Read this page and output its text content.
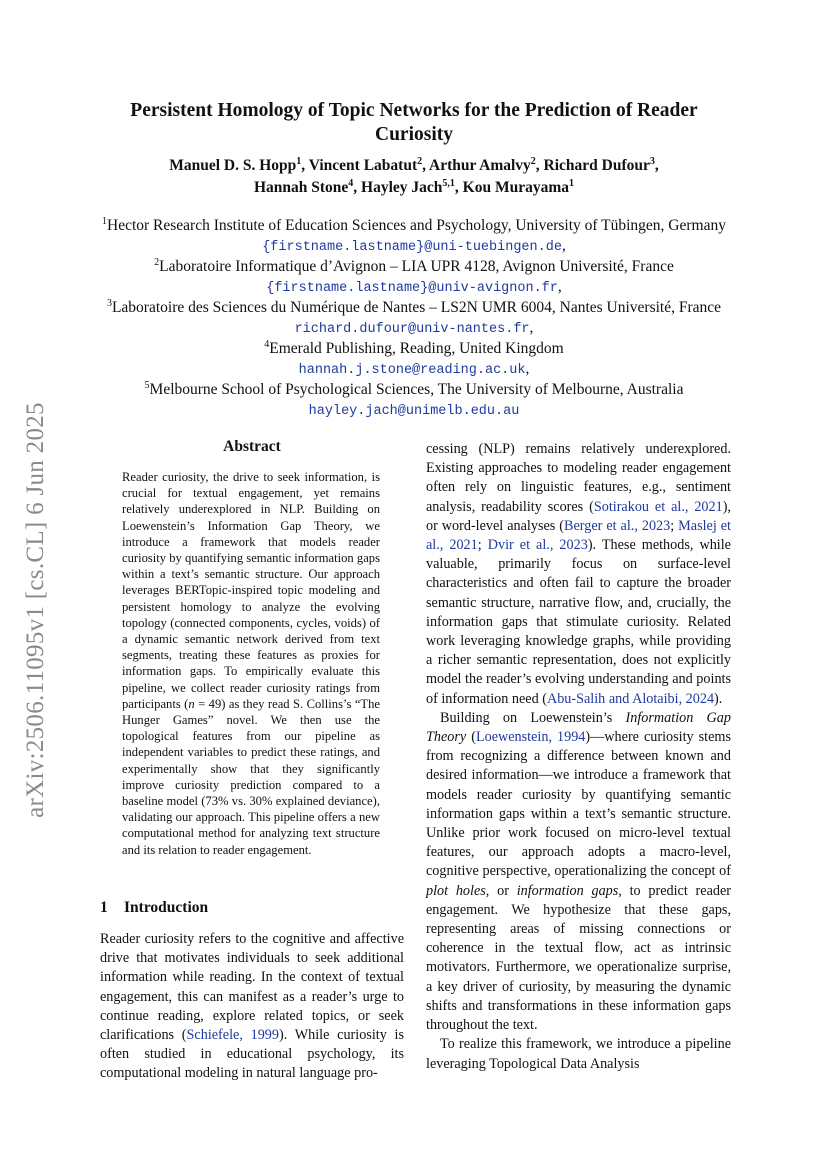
arXiv:2506.11095v1 [cs.CL] 6 Jun 2025
Persistent Homology of Topic Networks for the Prediction of Reader Curiosity
Manuel D. S. Hopp$^1$, Vincent Labatut$^2$, Arthur Amalvy$^2$, Richard Dufour$^3$,
Hannah Stone$^4$, Hayley Jach$^{5,1}$, Kou Murayama$^1$
$^1$Hector Research Institute of Education Sciences and Psychology, University of Tübingen, Germany
{firstname.lastname}@uni-tuebingen.de,
$^2$Laboratoire Informatique d’Avignon – LIA UPR 4128, Avignon Université, France
{firstname.lastname}@univ-avignon.fr,
$^3$Laboratoire des Sciences du Numérique de Nantes – LS2N UMR 6004, Nantes Université, France
richard.dufour@univ-nantes.fr,
$^4$Emerald Publishing, Reading, United Kingdom
hannah.j.stone@reading.ac.uk,
$^5$Melbourne School of Psychological Sciences, The University of Melbourne, Australia
hayley.jach@unimelb.edu.au
Abstract
Reader curiosity, the drive to seek information, is crucial for textual engagement, yet remains relatively underexplored in NLP. Building on Loewenstein’s Information Gap Theory, we introduce a framework that models reader curiosity by quantifying semantic information gaps within a text’s semantic structure. Our approach leverages BERTopic-inspired topic modeling and persistent homology to analyze the evolving topology (connected components, cycles, voids) of a dynamic semantic network derived from text segments, treating these features as proxies for information gaps. To empirically evaluate this pipeline, we collect reader curiosity ratings from participants (n = 49) as they read S. Collins’s “The Hunger Games” novel. We then use the topological features from our pipeline as independent variables to predict these ratings, and experimentally show that they significantly improve curiosity prediction compared to a baseline model (73% vs. 30% explained deviance), validating our approach. This pipeline offers a new computational method for analyzing text structure and its relation to reader engagement.
1 Introduction
Reader curiosity refers to the cognitive and affective drive that motivates individuals to seek additional information while reading. In the context of textual engagement, this can manifest as a reader’s urge to continue reading, explore related topics, or seek clarifications (Schiefele, 1999). While curiosity is often studied in educational psychology, its computational modeling in natural language pro-

cessing (NLP) remains relatively underexplored. Existing approaches to modeling reader engagement often rely on linguistic features, e.g., sentiment analysis, readability scores (Sotirakou et al., 2021), or word-level analyses (Berger et al., 2023; Maslej et al., 2021; Dvir et al., 2023). These methods, while valuable, primarily focus on surface-level characteristics and often fail to capture the broader semantic structure, narrative flow, and, crucially, the information gaps that stimulate curiosity. Related work leveraging knowledge graphs, while providing a richer semantic representation, does not explicitly model the reader’s evolving understanding and points of information need (Abu-Salih and Alotaibi, 2024).

Building on Loewenstein’s Information Gap Theory (Loewenstein, 1994)—where curiosity stems from recognizing a difference between known and desired information—we introduce a framework that models reader curiosity by quantifying semantic information gaps within a text’s semantic structure. Unlike prior work focused on micro-level textual features, our approach adopts a macro-level, cognitive perspective, operationalizing the concept of plot holes, or information gaps, to predict reader engagement. We hypothesize that these gaps, representing areas of missing connections or coherence in the textual flow, act as intrinsic motivators. Furthermore, we operationalize surprise, a key driver of curiosity, by measuring the dynamic shifts and transformations in these information gaps throughout the text.

To realize this framework, we introduce a pipeline leveraging Topological Data Analysis
